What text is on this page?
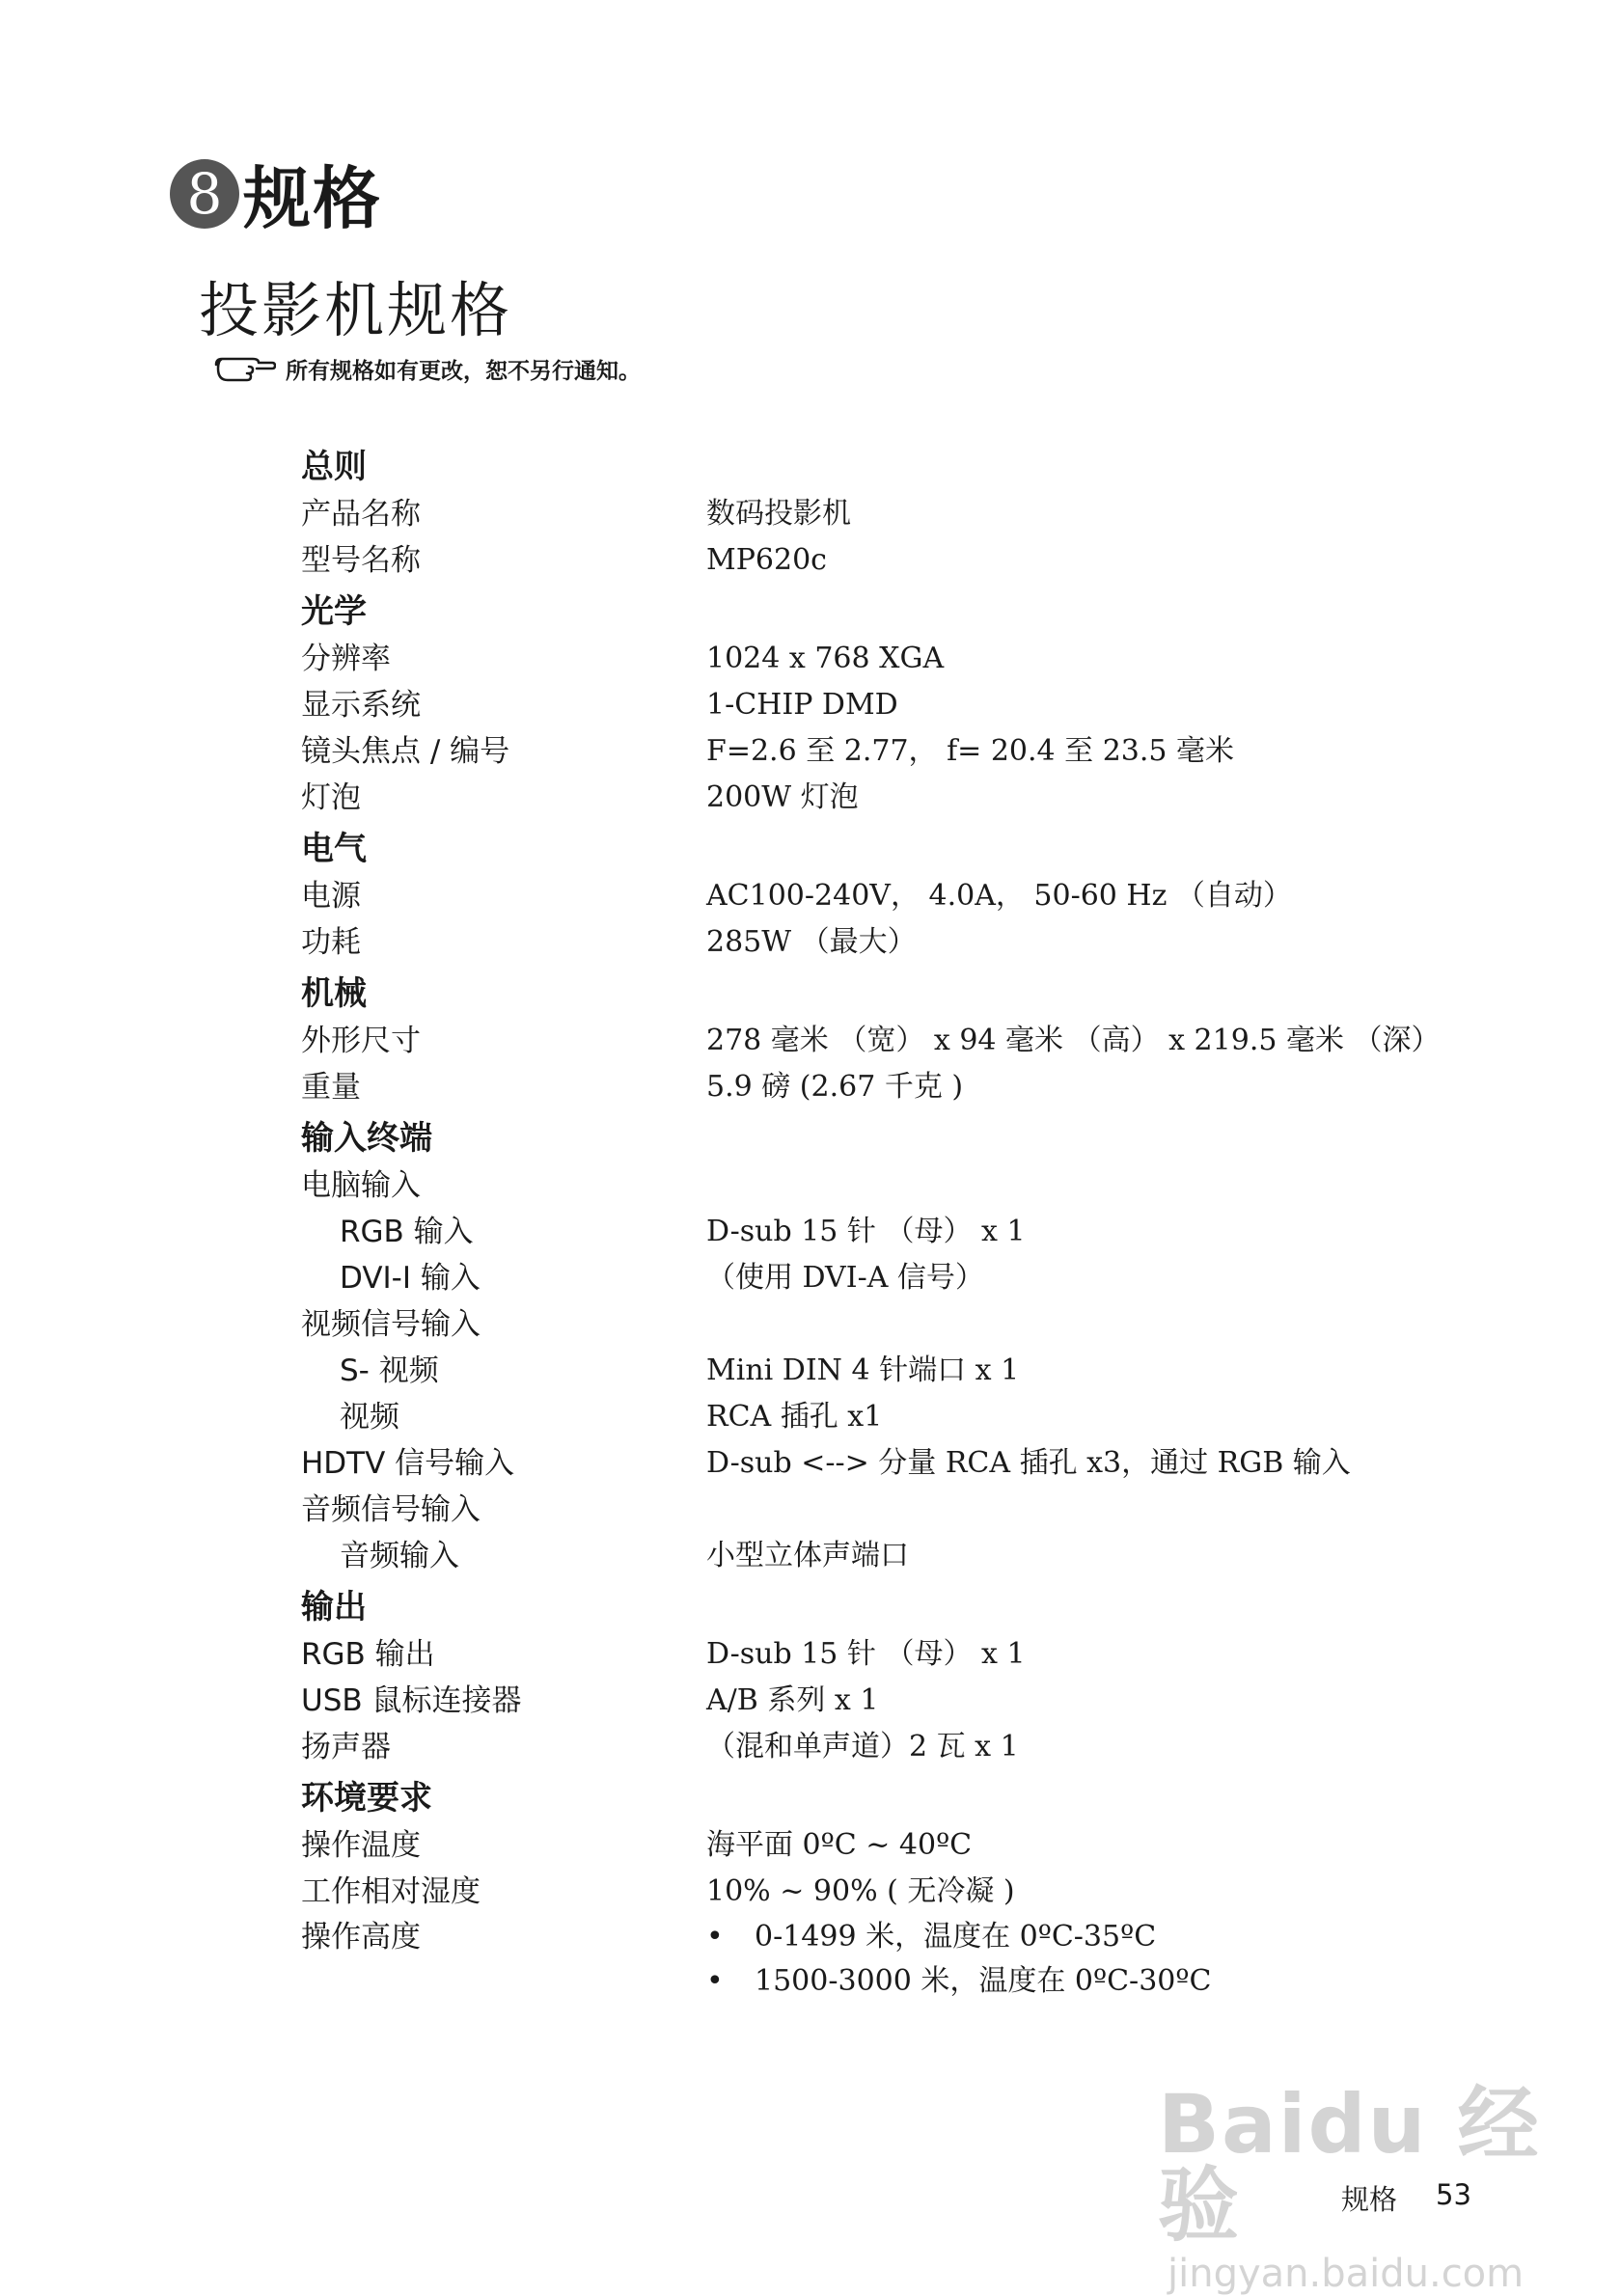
8 规格
投影机规格
所有规格如有更改，恕不另行通知。
总则
产品名称	数码投影机
型号名称	MP620c
光学
分辨率	1024 x 768 XGA
显示系统	1-CHIP DMD
镜头焦点 / 编号	F=2.6 至 2.77， f= 20.4 至 23.5 毫米
灯泡	200W 灯泡
电气
电源	AC100-240V， 4.0A， 50-60 Hz （自动）
功耗	285W （最大）
机械
外形尺寸	278 毫米 （宽） x 94 毫米 （高） x 219.5 毫米 （深）
重量	5.9 磅 (2.67 千克 )
输入终端
电脑输入
RGB 输入	D-sub 15 针 （母） x 1
DVI-I 输入	（使用 DVI-A 信号）
视频信号输入
S- 视频	Mini DIN 4 针端口 x 1
视频	RCA 插孔 x1
HDTV 信号输入	D-sub <--> 分量 RCA 插孔 x3，通过 RGB 输入
音频信号输入
音频输入	小型立体声端口
输出
RGB 输出	D-sub 15 针 （母） x 1
USB 鼠标连接器	A/B 系列 x 1
扬声器	（混和单声道）2 瓦 x 1
环境要求
操作温度	海平面 0ºC ~ 40ºC
工作相对湿度	10% ~ 90% ( 无冷凝 )
操作高度	•	0-1499 米，温度在 0ºC-35ºC
•	1500-3000 米，温度在 0ºC-30ºC
Baidu 经验
jingyan.baidu.com
规格 53
